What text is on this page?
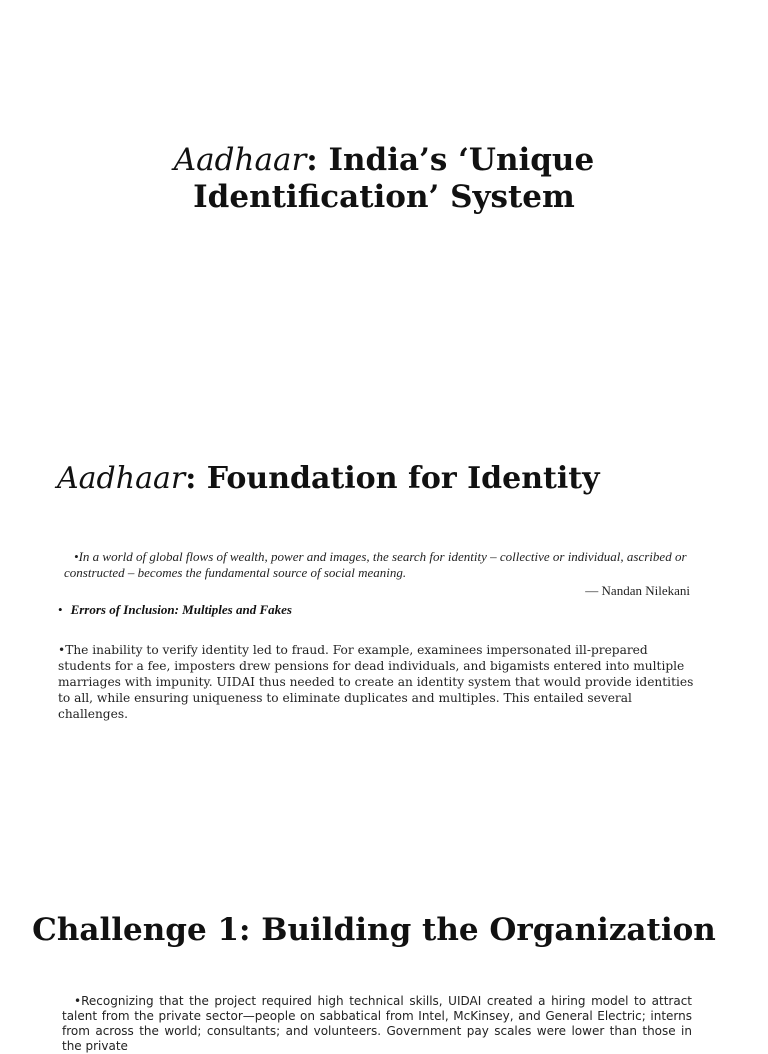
Aadhaar: India’s ‘Unique
Identification’ System
Aadhaar: Foundation for Identity

•In a world of global flows of wealth, power and images, the search for identity – collective or individual, ascribed or constructed – becomes the fundamental source of social meaning.

— Nandan Nilekani

• Errors of Inclusion: Multiples and Fakes

•The inability to verify identity led to fraud. For example, examinees impersonated ill-prepared students for a fee, imposters drew pensions for dead individuals, and bigamists entered into multiple marriages with impunity. UIDAI thus needed to create an identity system that would provide identities to all, while ensuring uniqueness to eliminate duplicates and multiples. This entailed several challenges.

Challenge 1: Building the Organization

•Recognizing that the project required high technical skills, UIDAI created a hiring model to attract talent from the private sector—people on sabbatical from Intel, McKinsey, and General Electric; interns from across the world; consultants; and volunteers. Government pay scales were lower than those in the private
